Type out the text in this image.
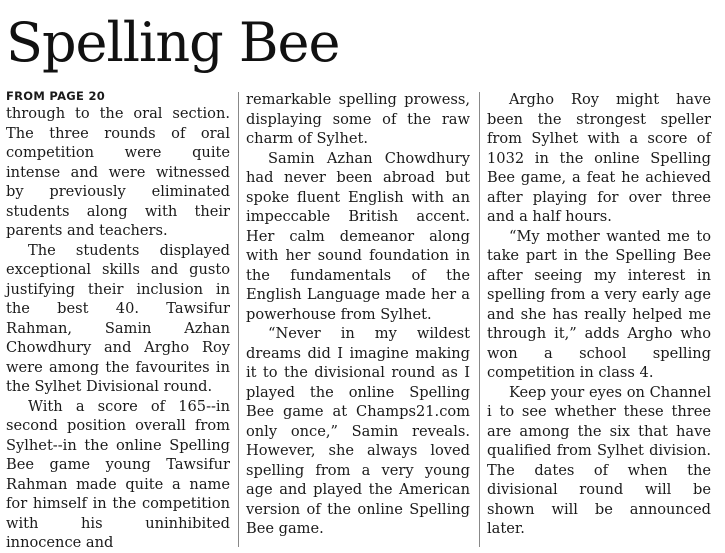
Spelling Bee
FROM PAGE 20

through to the oral section. The three rounds of oral competition were quite intense and were witnessed by previously eliminated students along with their parents and teachers.

The students displayed exceptional skills and gusto justifying their inclusion in the best 40. Tawsifur Rahman, Samin Azhan Chowdhury and Argho Roy were among the favourites in the Sylhet Divisional round.

With a score of 165--in second position overall from Sylhet--in the online Spelling Bee game young Tawsifur Rahman made quite a name for himself in the competition with his uninhibited innocence and

remarkable spelling prowess, displaying some of the raw charm of Sylhet.

Samin Azhan Chowdhury had never been abroad but spoke fluent English with an impeccable British accent. Her calm demeanor along with her sound foundation in the fundamentals of the English Language made her a powerhouse from Sylhet.

“Never in my wildest dreams did I imagine making it to the divisional round as I played the online Spelling Bee game at Champs21.com only once,” Samin reveals. However, she always loved spelling from a very young age and played the American version of the online Spelling Bee game.

Argho Roy might have been the strongest speller from Sylhet with a score of 1032 in the online Spelling Bee game, a feat he achieved after playing for over three and a half hours.

“My mother wanted me to take part in the Spelling Bee after seeing my interest in spelling from a very early age and she has really helped me through it,” adds Argho who won a school spelling competition in class 4.

Keep your eyes on Channel i to see whether these three are among the six that have qualified from Sylhet division. The dates of when the divisional round will be shown will be announced later.
